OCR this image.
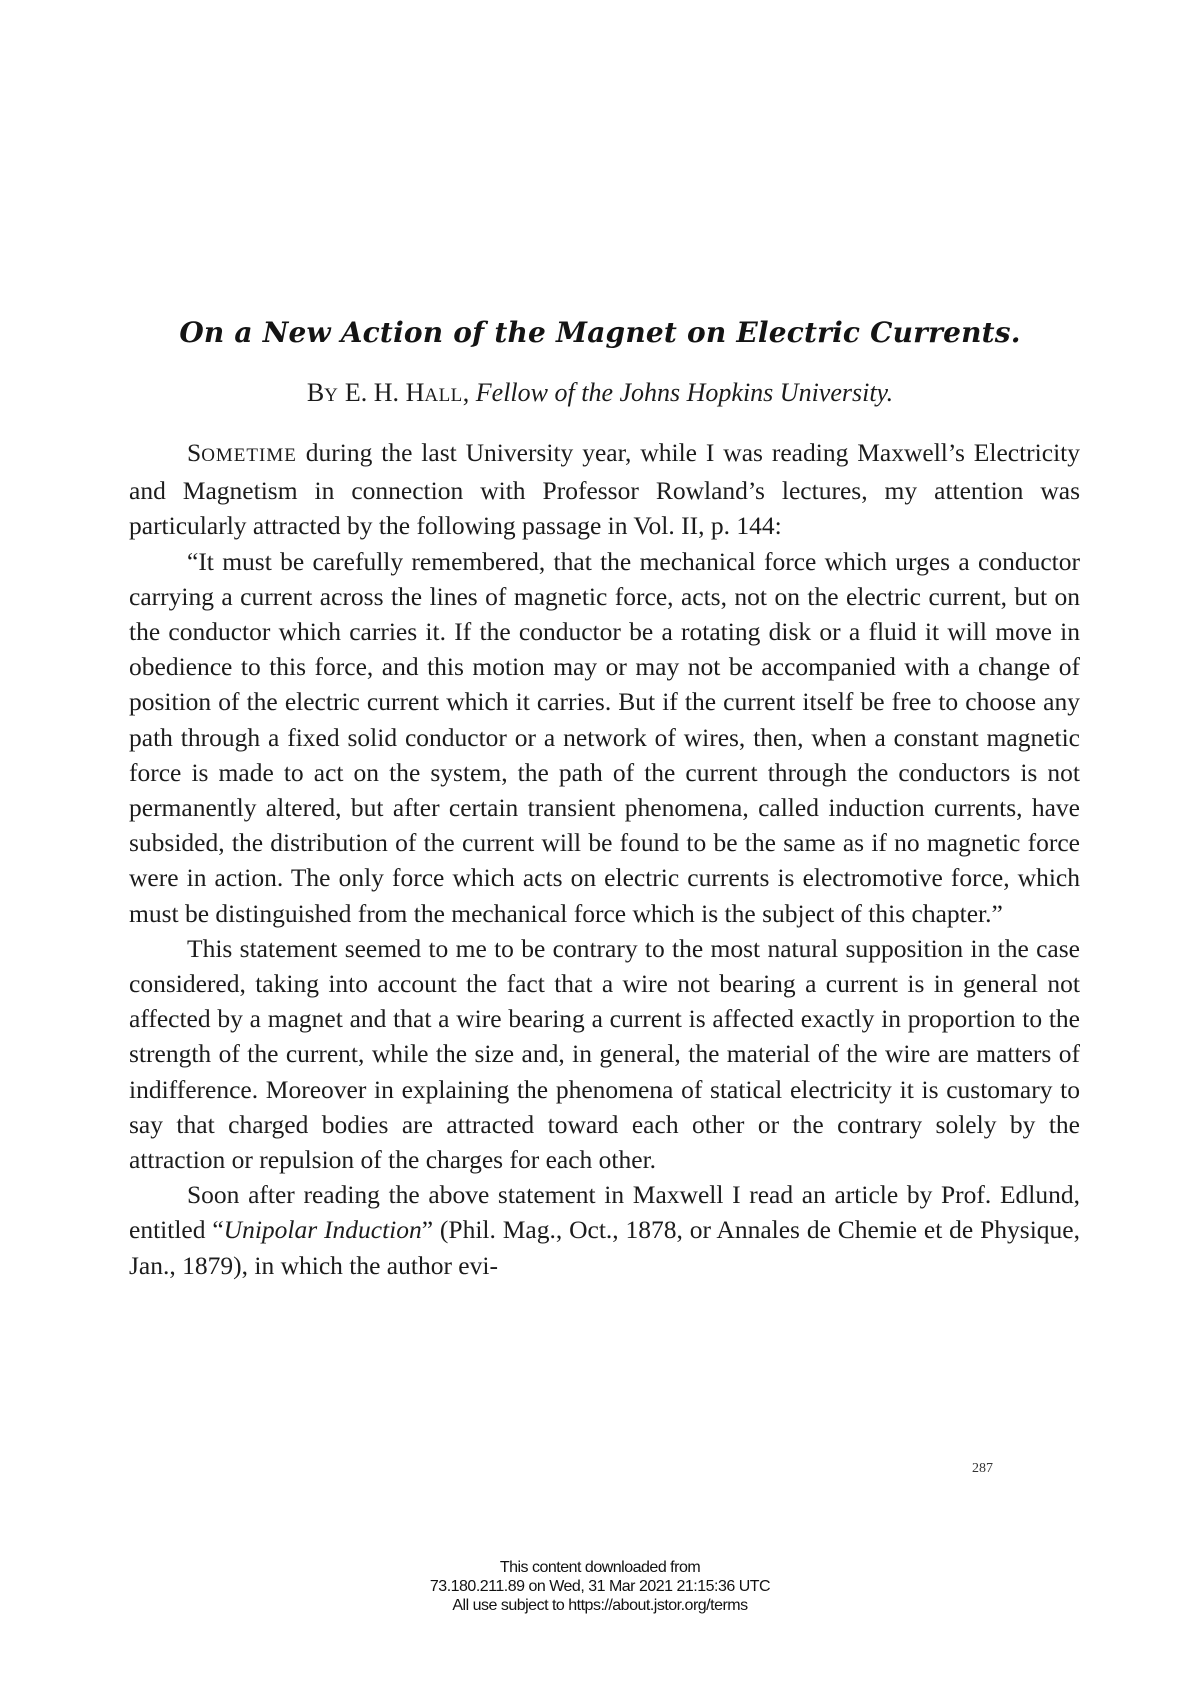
On a New Action of the Magnet on Electric Currents.
BY E. H. HALL, Fellow of the Johns Hopkins University.

SOMETIME during the last University year, while I was reading Maxwell’s Electricity and Magnetism in connection with Professor Rowland’s lectures, my attention was particularly attracted by the following passage in Vol. II, p. 144:

“It must be carefully remembered, that the mechanical force which urges a conductor carrying a current across the lines of magnetic force, acts, not on the electric current, but on the conductor which carries it. If the conductor be a rotating disk or a fluid it will move in obedience to this force, and this motion may or may not be accompanied with a change of position of the electric current which it carries. But if the current itself be free to choose any path through a fixed solid conductor or a network of wires, then, when a constant magnetic force is made to act on the system, the path of the current through the conductors is not permanently altered, but after certain transient phenomena, called induction currents, have subsided, the distribution of the current will be found to be the same as if no magnetic force were in action. The only force which acts on electric currents is electromotive force, which must be distinguished from the mechanical force which is the subject of this chapter.”

This statement seemed to me to be contrary to the most natural supposition in the case considered, taking into account the fact that a wire not bearing a current is in general not affected by a magnet and that a wire bearing a current is affected exactly in proportion to the strength of the current, while the size and, in general, the material of the wire are matters of indifference. Moreover in explaining the phenomena of statical electricity it is customary to say that charged bodies are attracted toward each other or the contrary solely by the attraction or repulsion of the charges for each other.

Soon after reading the above statement in Maxwell I read an article by Prof. Edlund, entitled “Unipolar Induction” (Phil. Mag., Oct., 1878, or Annales de Chemie et de Physique, Jan., 1879), in which the author evi-

287
This content downloaded from
73.180.211.89 on Wed, 31 Mar 2021 21:15:36 UTC
All use subject to https://about.jstor.org/terms
